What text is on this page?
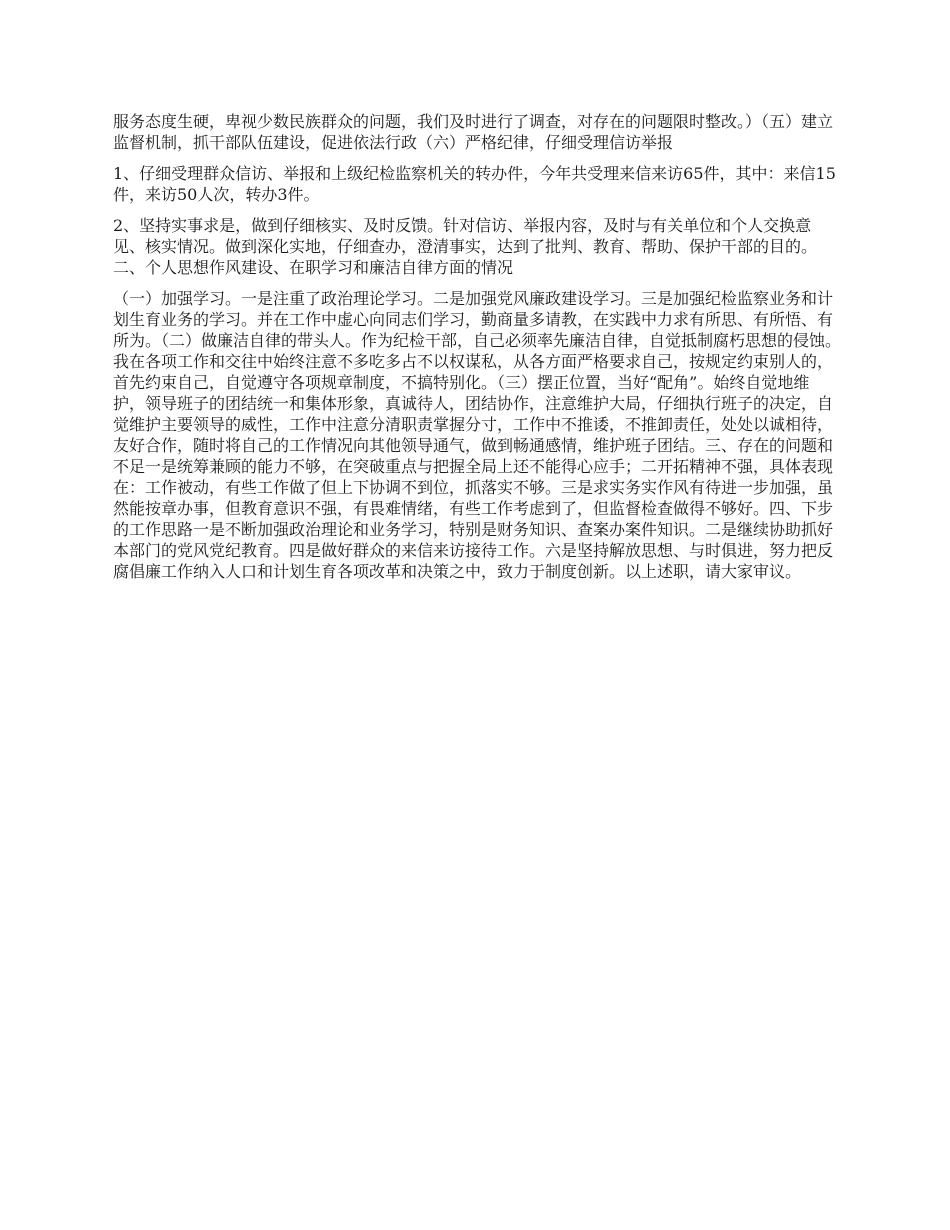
服务态度生硬，卑视少数民族群众的问题，我们及时进行了调查，对存在的问题限时整改。）（五）建立监督机制，抓干部队伍建设，促进依法行政（六）严格纪律，仔细受理信访举报

1、仔细受理群众信访、举报和上级纪检监察机关的转办件，今年共受理来信来访65件，其中：来信15件，来访50人次，转办3件。

2、坚持实事求是，做到仔细核实、及时反馈。针对信访、举报内容，及时与有关单位和个人交换意见、核实情况。做到深化实地，仔细查办，澄清事实，达到了批判、教育、帮助、保护干部的目的。二、个人思想作风建设、在职学习和廉洁自律方面的情况

（一）加强学习。一是注重了政治理论学习。二是加强党风廉政建设学习。三是加强纪检监察业务和计划生育业务的学习。并在工作中虚心向同志们学习，勤商量多请教，在实践中力求有所思、有所悟、有所为。（二）做廉洁自律的带头人。作为纪检干部，自己必须率先廉洁自律，自觉抵制腐朽思想的侵蚀。我在各项工作和交往中始终注意不多吃多占不以权谋私，从各方面严格要求自己，按规定约束别人的，首先约束自己，自觉遵守各项规章制度，不搞特别化。（三）摆正位置，当好“配角”。始终自觉地维护，领导班子的团结统一和集体形象，真诚待人，团结协作，注意维护大局，仔细执行班子的决定，自觉维护主要领导的威性，工作中注意分清职责掌握分寸，工作中不推诿，不推卸责任，处处以诚相待，友好合作，随时将自己的工作情况向其他领导通气，做到畅通感情，维护班子团结。三、存在的问题和不足一是统筹兼顾的能力不够，在突破重点与把握全局上还不能得心应手；二开拓精神不强，具体表现在：工作被动，有些工作做了但上下协调不到位，抓落实不够。三是求实务实作风有待进一步加强，虽然能按章办事，但教育意识不强，有畏难情绪，有些工作考虑到了，但监督检查做得不够好。四、下步的工作思路一是不断加强政治理论和业务学习，特别是财务知识、查案办案件知识。二是继续协助抓好本部门的党风党纪教育。四是做好群众的来信来访接待工作。六是坚持解放思想、与时俱进，努力把反腐倡廉工作纳入人口和计划生育各项改革和决策之中，致力于制度创新。以上述职，请大家审议。
